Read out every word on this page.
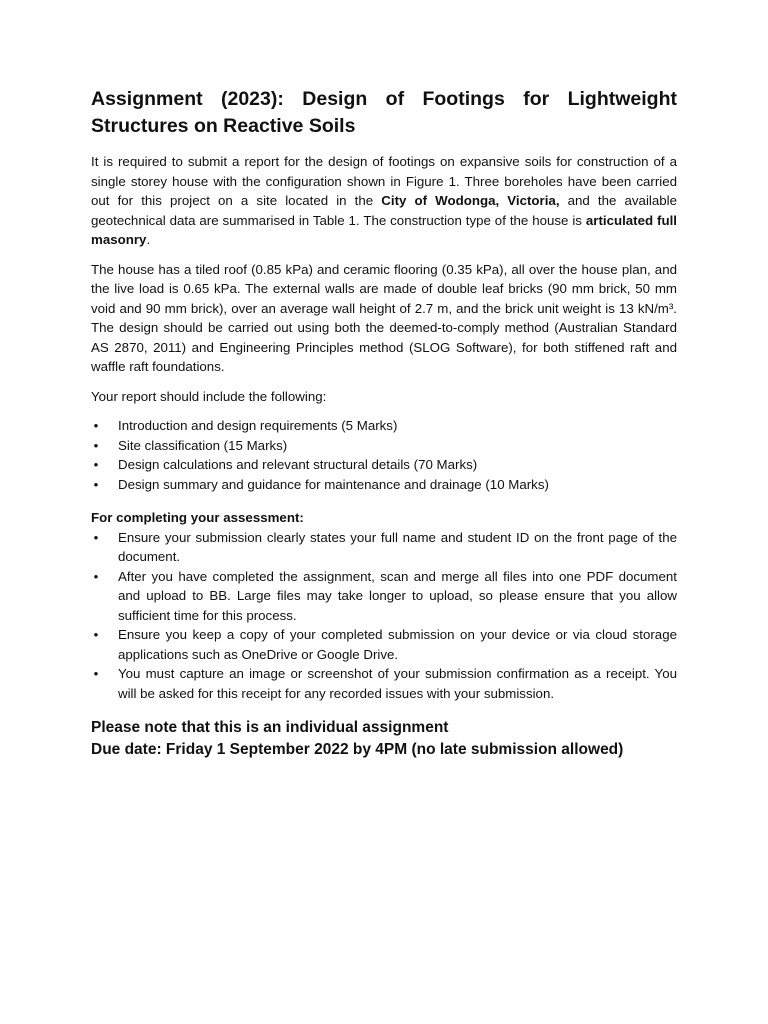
Assignment (2023): Design of Footings for Lightweight Structures on Reactive Soils

It is required to submit a report for the design of footings on expansive soils for construction of a single storey house with the configuration shown in Figure 1. Three boreholes have been carried out for this project on a site located in the City of Wodonga, Victoria, and the available geotechnical data are summarised in Table 1. The construction type of the house is articulated full masonry.

The house has a tiled roof (0.85 kPa) and ceramic flooring (0.35 kPa), all over the house plan, and the live load is 0.65 kPa. The external walls are made of double leaf bricks (90 mm brick, 50 mm void and 90 mm brick), over an average wall height of 2.7 m, and the brick unit weight is 13 kN/m³. The design should be carried out using both the deemed-to-comply method (Australian Standard AS 2870, 2011) and Engineering Principles method (SLOG Software), for both stiffened raft and waffle raft foundations.

Your report should include the following:

• Introduction and design requirements (5 Marks)
• Site classification (15 Marks)
• Design calculations and relevant structural details (70 Marks)
• Design summary and guidance for maintenance and drainage (10 Marks)

For completing your assessment:

• Ensure your submission clearly states your full name and student ID on the front page of the document.
• After you have completed the assignment, scan and merge all files into one PDF document and upload to BB. Large files may take longer to upload, so please ensure that you allow sufficient time for this process.
• Ensure you keep a copy of your completed submission on your device or via cloud storage applications such as OneDrive or Google Drive.
• You must capture an image or screenshot of your submission confirmation as a receipt. You will be asked for this receipt for any recorded issues with your submission.

Please note that this is an individual assignment

Due date: Friday 1 September 2022 by 4PM (no late submission allowed)
